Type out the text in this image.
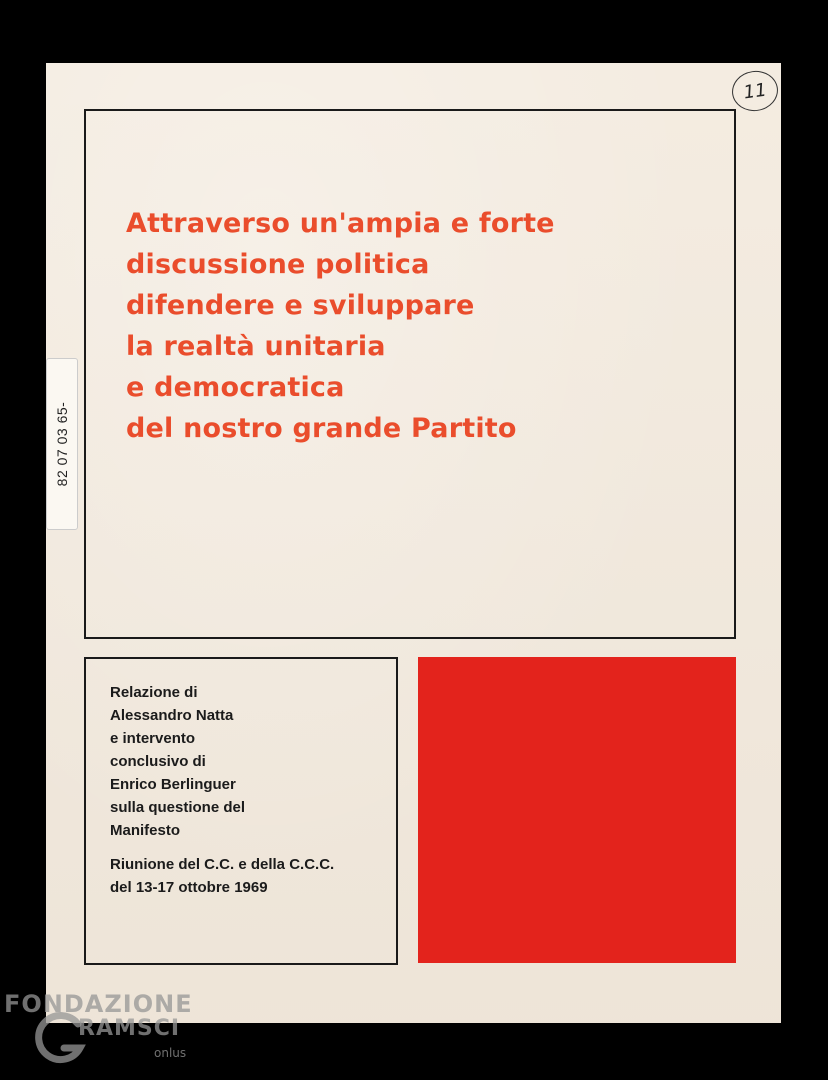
11
Attraverso un'ampia e forte
discussione politica
difendere e sviluppare
la realtà unitaria
e democratica
del nostro grande Partito

Relazione di
Alessandro Natta
e intervento
conclusivo di
Enrico Berlinguer
sulla questione del
Manifesto

Riunione del C.C. e della C.C.C.
del 13-17 ottobre 1969

82 07 03 65-
FONDAZIONE
RAMSCI
onlus
